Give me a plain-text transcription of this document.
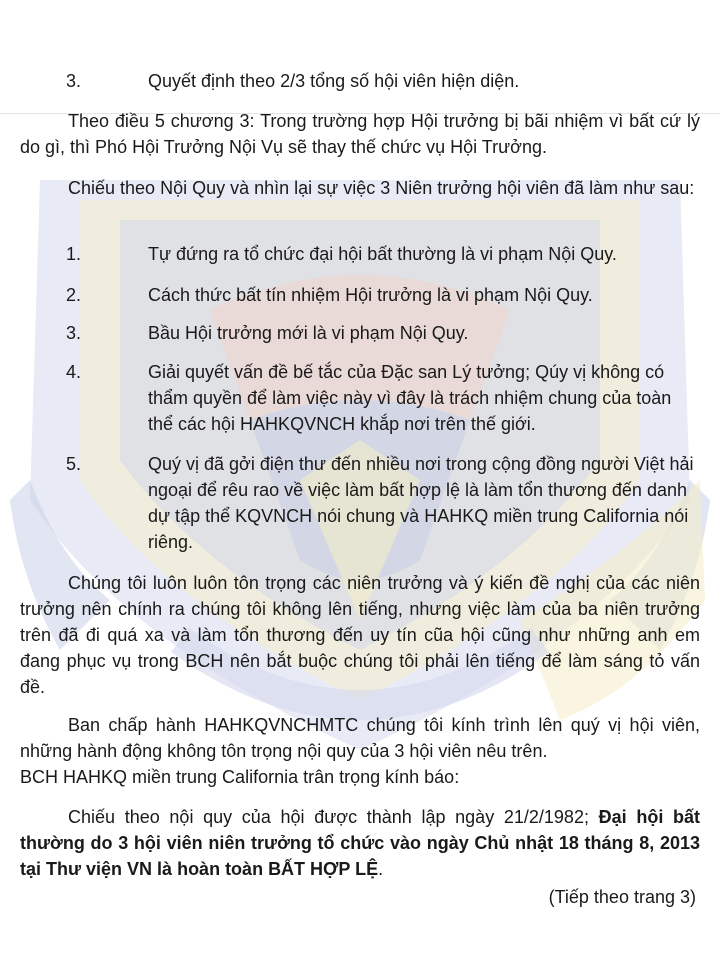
3.	Quyết định theo 2/3 tổng số hội viên hiện diện.

Theo điều 5 chương 3: Trong trường hợp Hội trưởng bị bãi nhiệm vì bất cứ lý do gì, thì Phó Hội Trưởng Nội Vụ sẽ thay thế chức vụ Hội Trưởng.

Chiếu theo Nội Quy và nhìn lại sự việc 3 Niên trưởng hội viên đã làm như sau:

1.	Tự đứng ra tổ chức đại hội bất thường là vi phạm Nội Quy.
2.	Cách thức bất tín nhiệm Hội trưởng là vi phạm Nội Quy.
3.	Bầu Hội trưởng mới là vi phạm Nội Quy.
4.	Giải quyết vấn đề bế tắc của Đặc san Lý tưởng; Qúy vị không có thẩm quyền để làm việc này vì đây là trách nhiệm chung của toàn thể các hội HAHKQVNCH khắp nơi trên thế giới.
5.	Quý vị đã gởi điện thư đến nhiều nơi trong cộng đồng người Việt hải ngoại để rêu rao về việc làm bất hợp lệ là làm tổn thương đến danh dự tập thể KQVNCH nói chung và HAHKQ miền trung California nói riêng.

Chúng tôi luôn luôn tôn trọng các niên trưởng và ý kiến đề nghị của các niên trưởng nên chính ra chúng tôi không lên tiếng, nhưng việc làm của ba niên trưởng trên đã đi quá xa và làm tổn thương đến uy tín cũa hội cũng như những anh em đang phục vụ trong BCH nên bắt buộc chúng tôi phải lên tiếng để làm sáng tỏ vấn đề.

Ban chấp hành HAHKQVNCHMTC chúng tôi kính trình lên quý vị hội viên, những hành động không tôn trọng nội quy của 3 hội viên nêu trên.

BCH HAHKQ miền trung California trân trọng kính báo:

Chiếu theo nội quy của hội được thành lập ngày 21/2/1982; Đại hội bất thường do 3 hội viên niên trưởng tổ chức vào ngày Chủ nhật 18 tháng 8, 2013 tại Thư viện VN là hoàn toàn BẤT HỢP LỆ.

(Tiếp theo trang 3)
